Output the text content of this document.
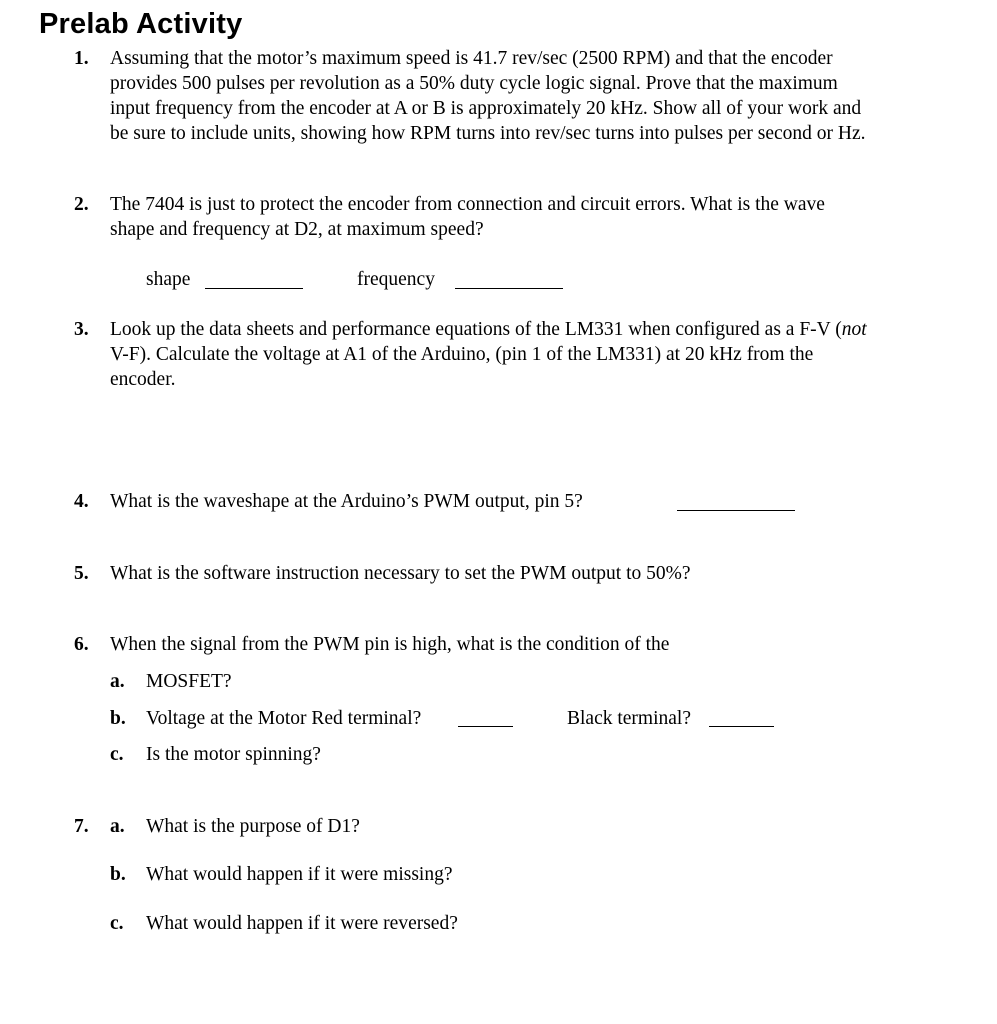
Prelab Activity
1. Assuming that the motor’s maximum speed is 41.7 rev/sec (2500 RPM) and that the encoder
provides 500 pulses per revolution as a 50% duty cycle logic signal. Prove that the maximum
input frequency from the encoder at A or B is approximately 20 kHz. Show all of your work and
be sure to include units, showing how RPM turns into rev/sec turns into pulses per second or Hz.
2. The 7404 is just to protect the encoder from connection and circuit errors. What is the wave
shape and frequency at D2, at maximum speed?
shape	frequency
3. Look up the data sheets and performance equations of the LM331 when configured as a F-V (not
V-F). Calculate the voltage at A1 of the Arduino, (pin 1 of the LM331) at 20 kHz from the
encoder.
4. What is the waveshape at the Arduino’s PWM output, pin 5?
5. What is the software instruction necessary to set the PWM output to 50%?
6. When the signal from the PWM pin is high, what is the condition of the
a. MOSFET?
b. Voltage at the Motor Red terminal?	Black terminal?
c. Is the motor spinning?
7. a. What is the purpose of D1?
b. What would happen if it were missing?
c. What would happen if it were reversed?
